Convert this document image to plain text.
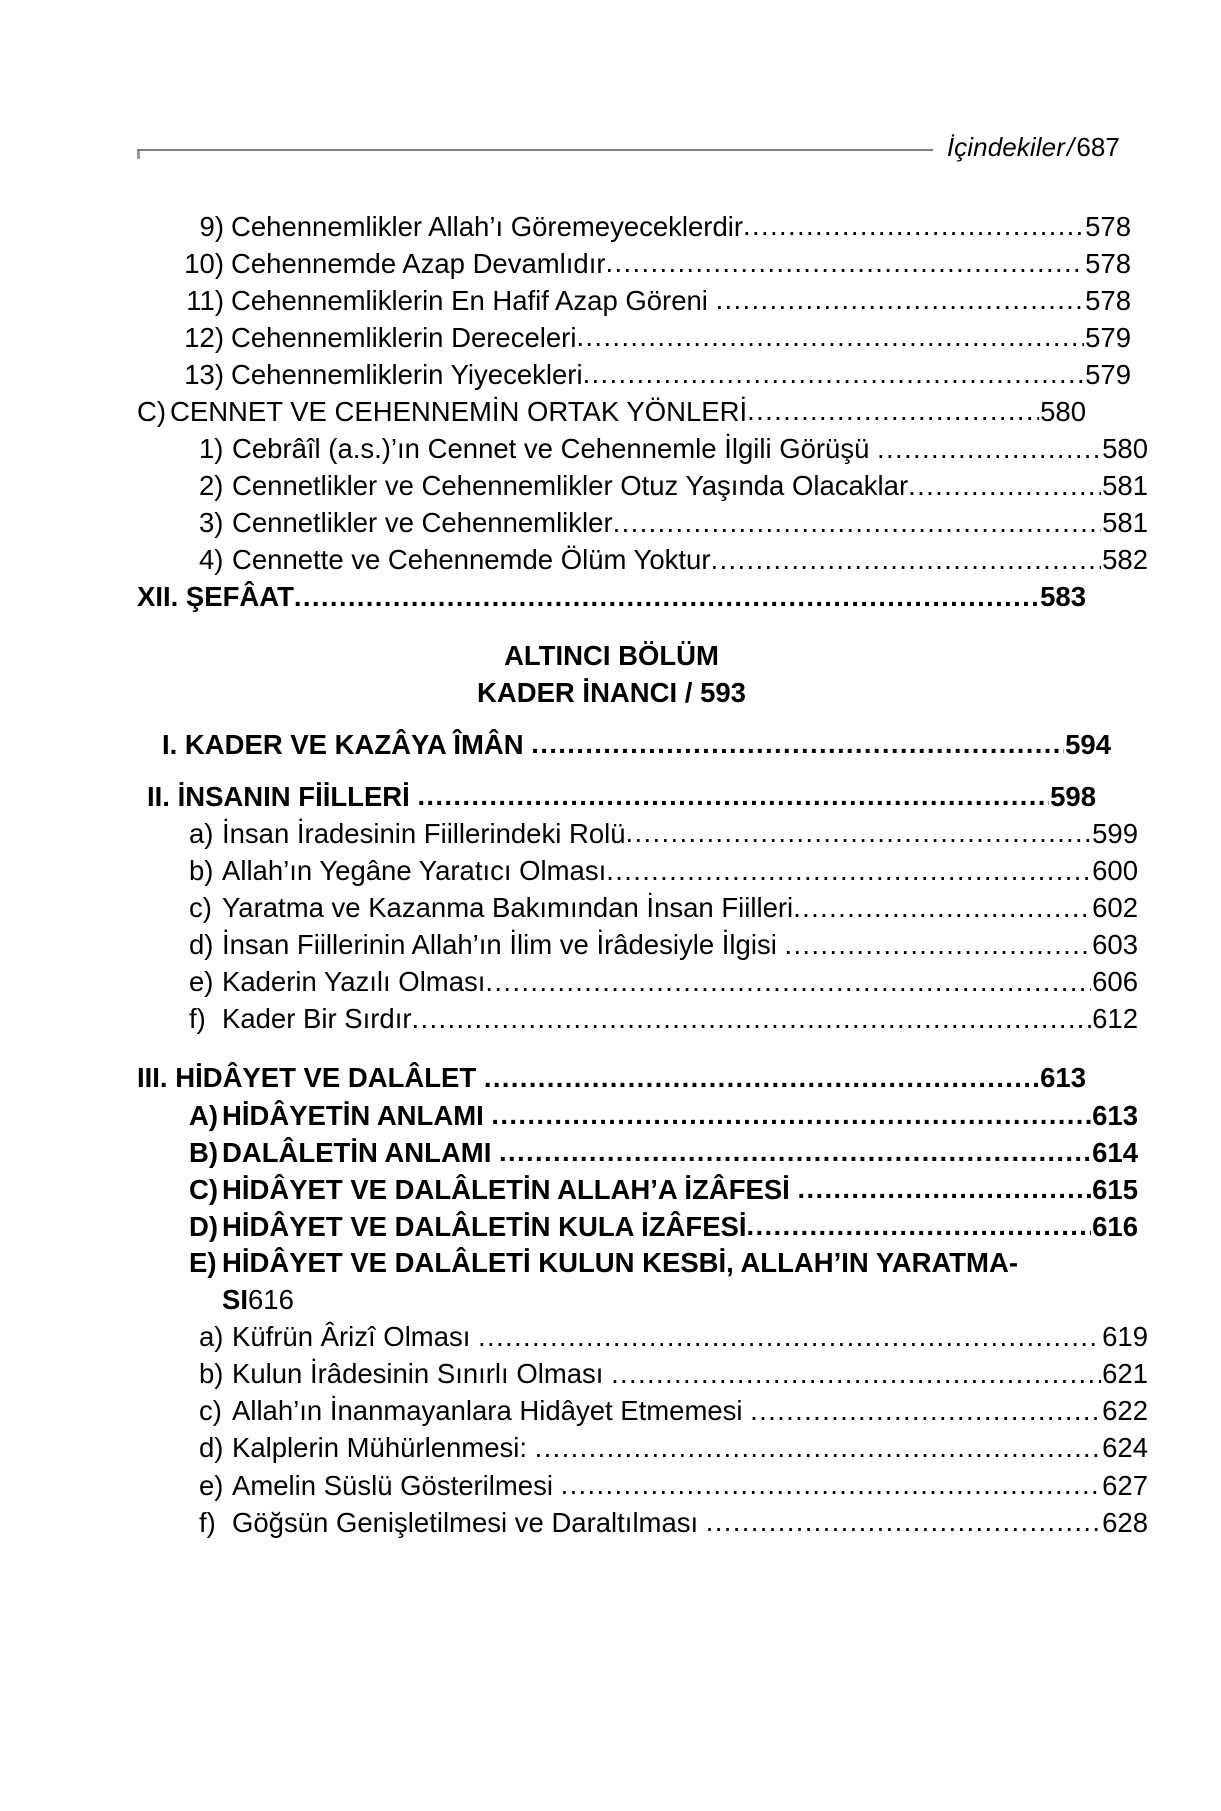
İçindekiler/687
9) Cehennemlikler Allah’ı Göremeyeceklerdir .....	578
10) Cehennemde Azap Devamlıdır .....	578
11) Cehennemliklerin En Hafif Azap Göreni .....	578
12) Cehennemliklerin Dereceleri .....	579
13) Cehennemliklerin Yiyecekleri .....	579
C) CENNET VE CEHENNEMİN ORTAK YÖNLERİ .....	580
1) Cebrâîl (a.s.)’ın Cennet ve Cehennemle İlgili Görüşü .....	580
2) Cennetlikler ve Cehennemlikler Otuz Yaşında Olacaklar .....	581
3) Cennetlikler ve Cehennemlikler .....	581
4) Cennette ve Cehennemde Ölüm Yoktur .....	582
XII. ŞEFÂAT .....	583
ALTINCI BÖLÜM
KADER İNANCI / 593
I. KADER VE KAZÂYA ÎMÂN .....	594
II. İNSANIN FİİLLERİ .....	598
a) İnsan İradesinin Fiillerindeki Rolü .....	599
b) Allah’ın Yegâne Yaratıcı Olması .....	600
c) Yaratma ve Kazanma Bakımından İnsan Fiilleri .....	602
d) İnsan Fiillerinin Allah’ın İlim ve İrâdesiyle İlgisi .....	603
e) Kaderin Yazılı Olması .....	606
f) Kader Bir Sırdır .....	612
III. HİDÂYET VE DALÂLET .....	613
A) HİDÂYETİN ANLAMI .....	613
B) DALÂLETİN ANLAMI .....	614
C) HİDÂYET VE DALÂLETİN ALLAH’A İZÂFESİ .....	615
D) HİDÂYET VE DALÂLETİN KULA İZÂFESİ .....	616
E) HİDÂYET VE DALÂLETİ KULUN KESBİ, ALLAH’IN YARATMA-
SI616
a) Küfrün Ârizî Olması .....	619
b) Kulun İrâdesinin Sınırlı Olması .....	621
c) Allah’ın İnanmayanlara Hidâyet Etmemesi .....	622
d) Kalplerin Mühürlenmesi: .....	624
e) Amelin Süslü Gösterilmesi .....	627
f) Göğsün Genişletilmesi ve Daraltılması .....	628
